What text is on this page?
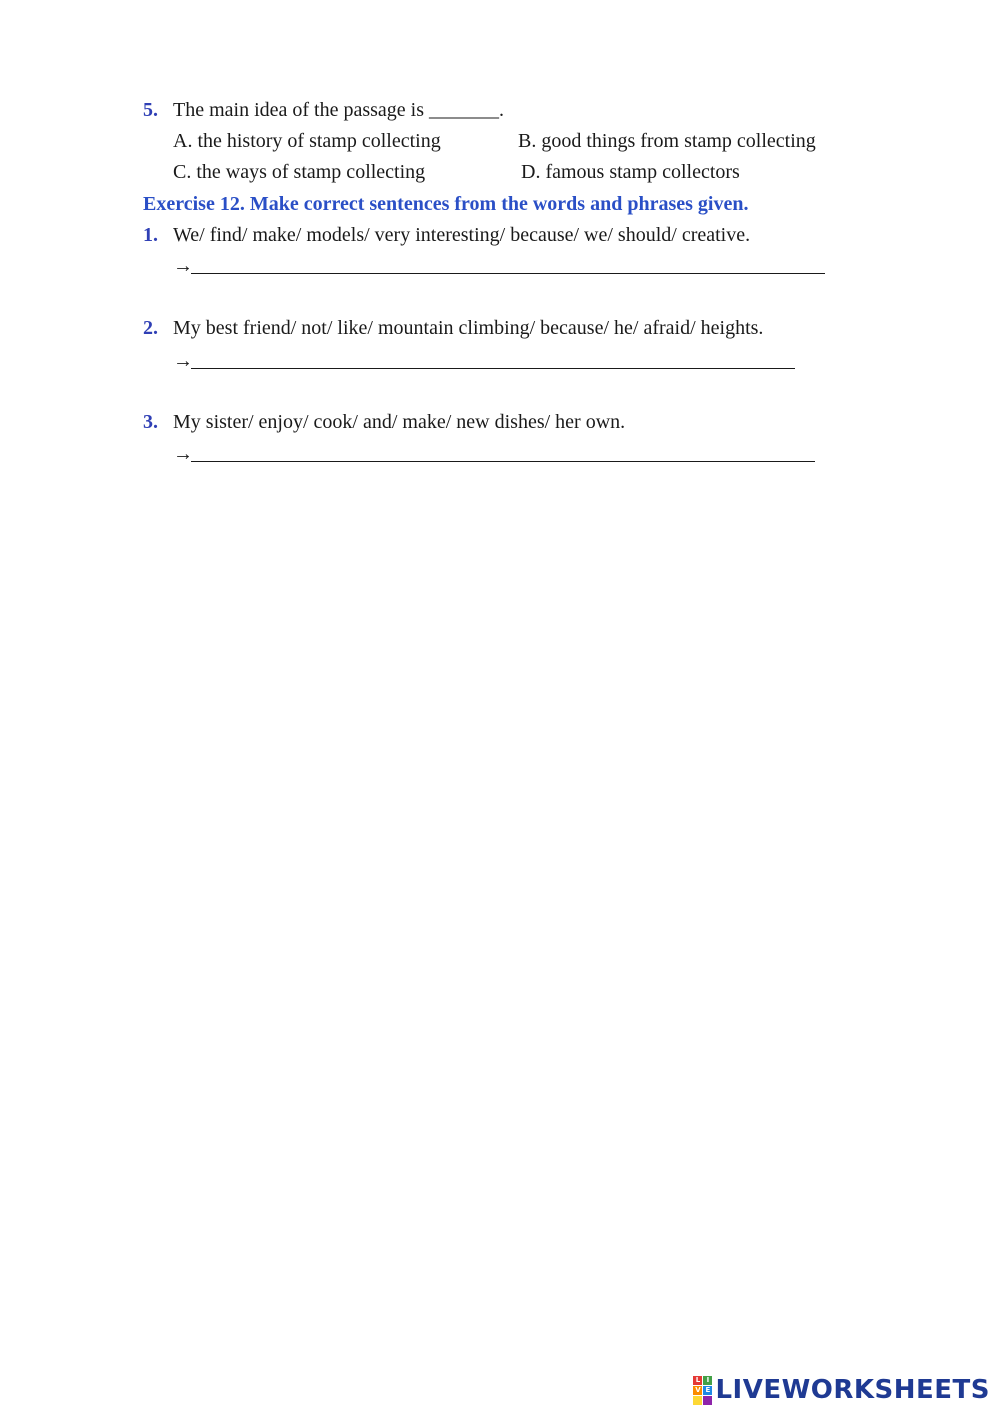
5. The main idea of the passage is _______.
A. the history of stamp collecting	B. good things from stamp collecting
C. the ways of stamp collecting	D. famous stamp collectors
Exercise 12. Make correct sentences from the words and phrases given.
1. We/ find/ make/ models/ very interesting/ because/ we/ should/ creative.
→
2. My best friend/ not/ like/ mountain climbing/ because/ he/ afraid/ heights.
→
3. My sister/ enjoy/ cook/ and/ make/ new dishes/ her own.
→
L I
V E LIVEWORKSHEETS
